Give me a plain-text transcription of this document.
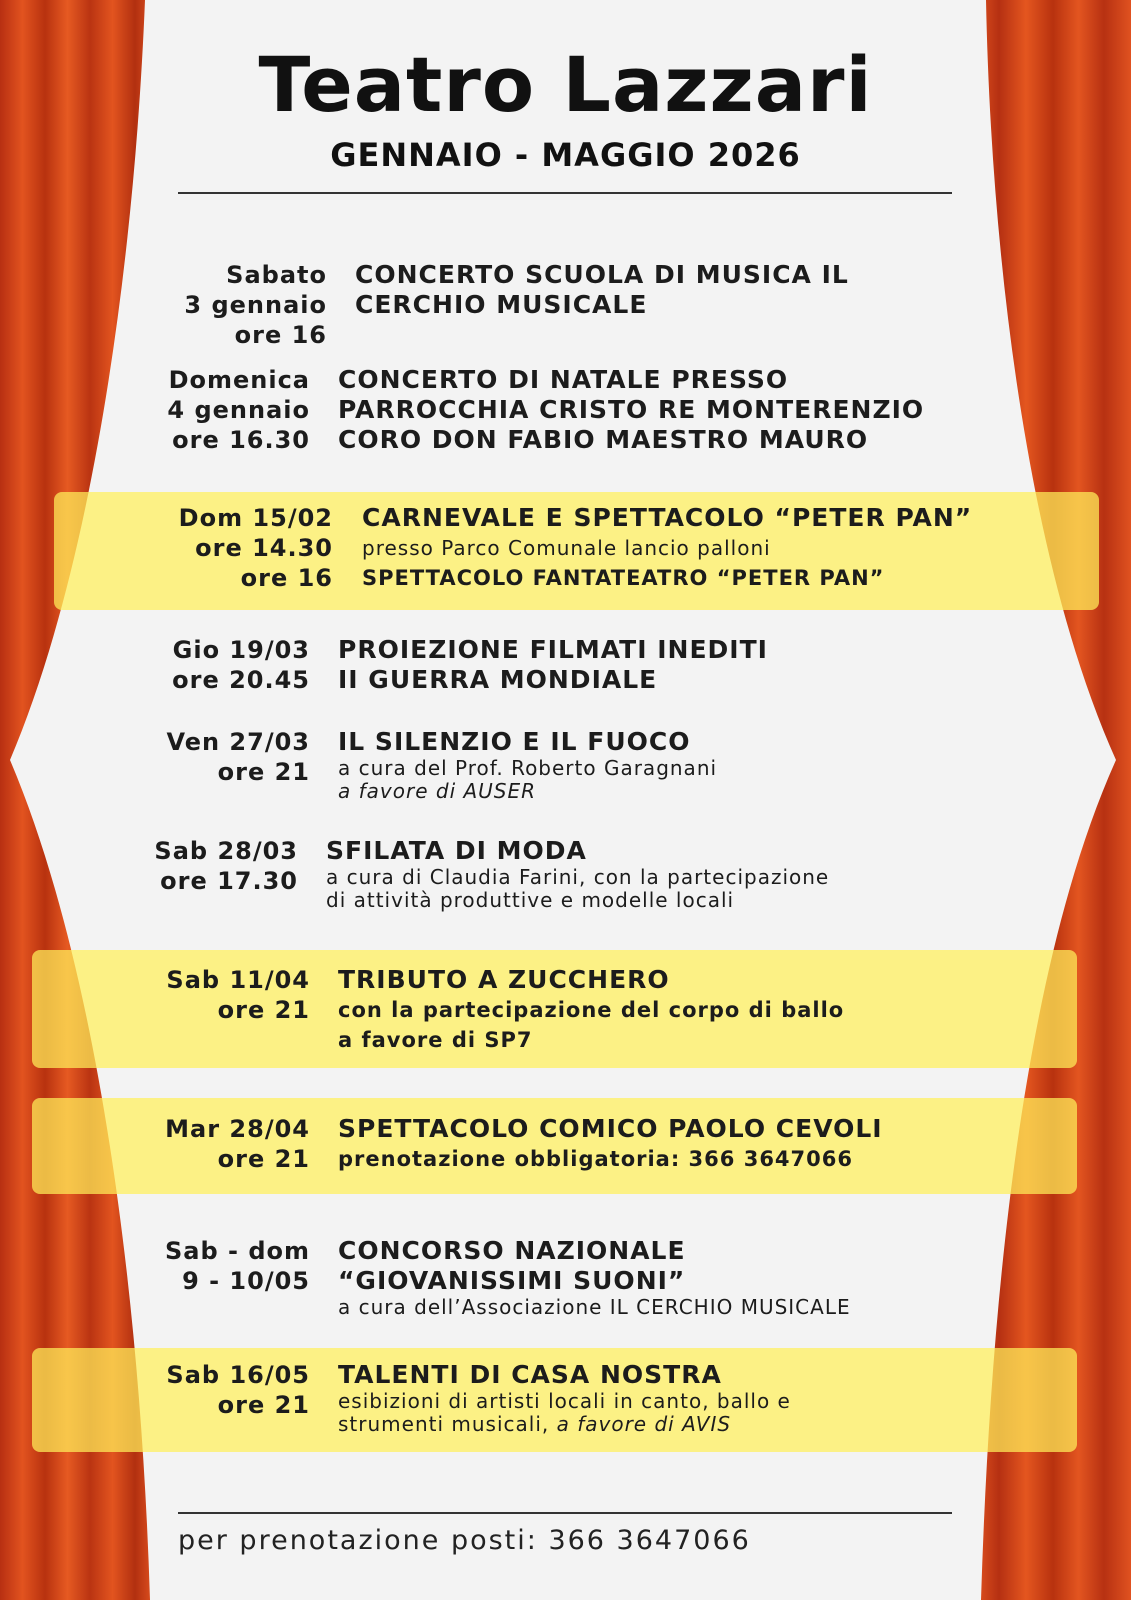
Teatro Lazzari
GENNAIO - MAGGIO 2026
Sabato
3 gennaio
ore 16
CONCERTO SCUOLA DI MUSICA IL
CERCHIO MUSICALE
Domenica
4 gennaio
ore 16.30
CONCERTO DI NATALE PRESSO
PARROCCHIA CRISTO RE MONTERENZIO
CORO DON FABIO MAESTRO MAURO
Dom 15/02
ore 14.30
ore 16
CARNEVALE E SPETTACOLO “PETER PAN”
presso Parco Comunale lancio palloni
SPETTACOLO FANTATEATRO “PETER PAN”
Gio 19/03
ore 20.45
PROIEZIONE FILMATI INEDITI
II GUERRA MONDIALE
Ven 27/03
ore 21
IL SILENZIO E IL FUOCO
a cura del Prof. Roberto Garagnani
a favore di AUSER
Sab 28/03
ore 17.30
SFILATA DI MODA
a cura di Claudia Farini, con la partecipazione
di attività produttive e modelle locali
Sab 11/04
ore 21
TRIBUTO A ZUCCHERO
con la partecipazione del corpo di ballo
a favore di SP7
Mar 28/04
ore 21
SPETTACOLO COMICO PAOLO CEVOLI
prenotazione obbligatoria: 366 3647066
Sab - dom
9 - 10/05
CONCORSO NAZIONALE
“GIOVANISSIMI SUONI”
a cura dell’Associazione IL CERCHIO MUSICALE
Sab 16/05
ore 21
TALENTI DI CASA NOSTRA
esibizioni di artisti locali in canto, ballo e
strumenti musicali, a favore di AVIS
per prenotazione posti: 366 3647066
